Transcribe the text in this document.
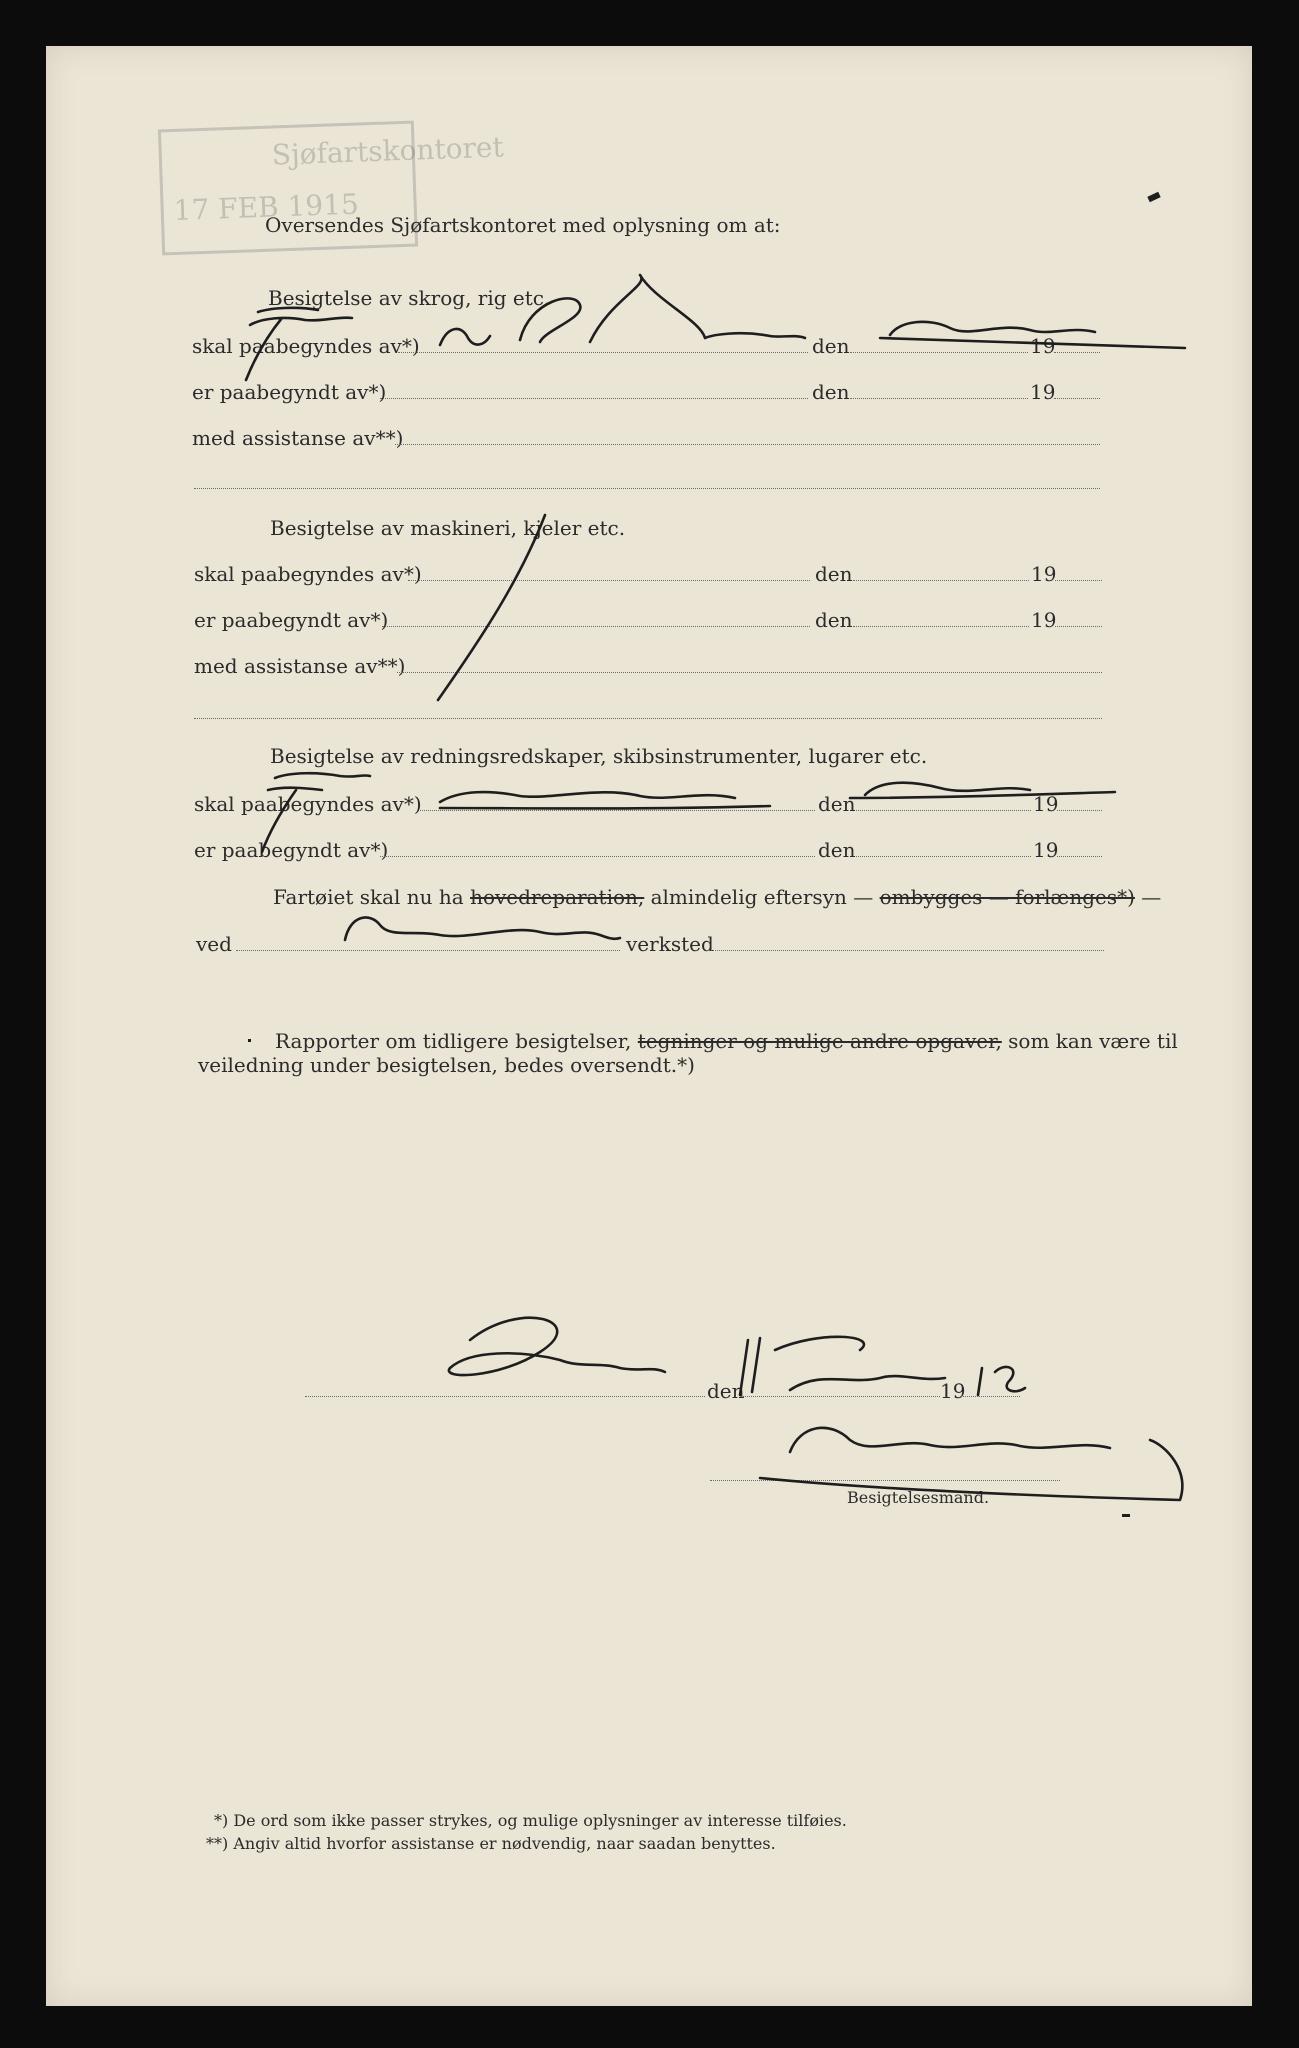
Sjøfartskontoret
17 FEB 1915
Oversendes Sjøfartskontoret med oplysning om at:
Besigtelse av skrog, rig etc.
skal paabegyndes av*)	den	19
er paabegyndt av*)	den	19
med assistanse av**)
Besigtelse av maskineri, kjeler etc.
skal paabegyndes av*)	den	19
er paabegyndt av*)	den	19
med assistanse av**)
Besigtelse av redningsredskaper, skibsinstrumenter, lugarer etc.
skal paabegyndes av*)	den	19
er paabegyndt av*)	den	19
Fartøiet skal nu ha hovedreparation, almindelig eftersyn — ombygges — forlænges*) —
ved	verksted
Rapporter om tidligere besigtelser, tegninger og mulige andre opgaver, som kan være til
veiledning under besigtelsen, bedes oversendt.*)
den	19
Besigtelsesmand.
*) De ord som ikke passer strykes, og mulige oplysninger av interesse tilføies.
**) Angiv altid hvorfor assistanse er nødvendig, naar saadan benyttes.
